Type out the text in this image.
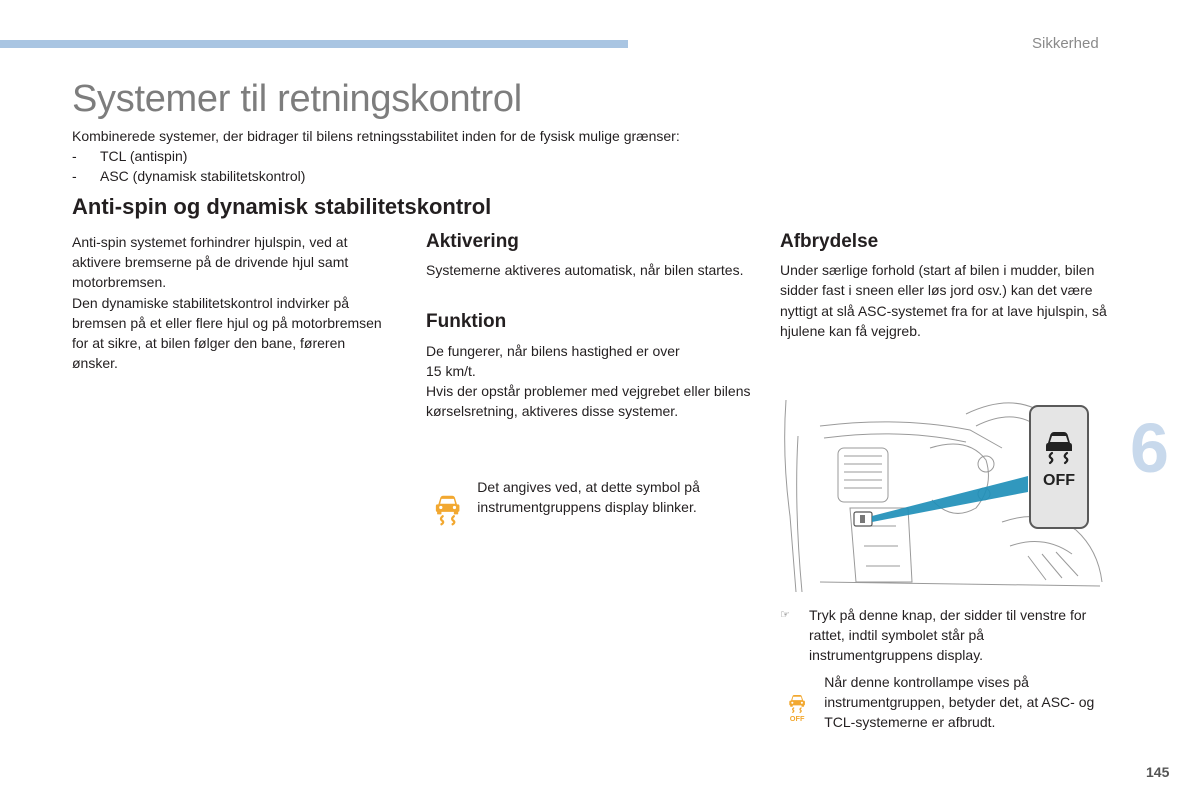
Sikkerhed
Systemer til retningskontrol

Kombinerede systemer, der bidrager til bilens retningsstabilitet inden for de fysisk mulige grænser:

- TCL (antispin)
- ASC (dynamisk stabilitetskontrol)
Anti-spin og dynamisk stabilitetskontrol

Anti-spin systemet forhindrer hjulspin, ved at aktivere bremserne på de drivende hjul samt motorbremsen.

Den dynamiske stabilitetskontrol indvirker på bremsen på et eller flere hjul og på motorbremsen for at sikre, at bilen følger den bane, føreren ønsker.

Aktivering

Systemerne aktiveres automatisk, når bilen startes.

Funktion

De fungerer, når bilens hastighed er over
15 km/t.

Hvis der opstår problemer med vejgrebet eller bilens kørselsretning, aktiveres disse systemer.

Det angives ved, at dette symbol på instrumentgruppens display blinker.

Afbrydelse

Under særlige forhold (start af bilen i mudder, bilen sidder fast i sneen eller løs jord osv.) kan det være nyttigt at slå ASC-systemet fra for at lave hjulspin, så hjulene kan få vejgreb.

OFF
☞ Tryk på denne knap, der sidder til venstre for rattet, indtil symbolet står på instrumentgruppens display.

OFF

Når denne kontrollampe vises på instrumentgruppen, betyder det, at ASC- og TCL-systemerne er afbrudt.

6
145
